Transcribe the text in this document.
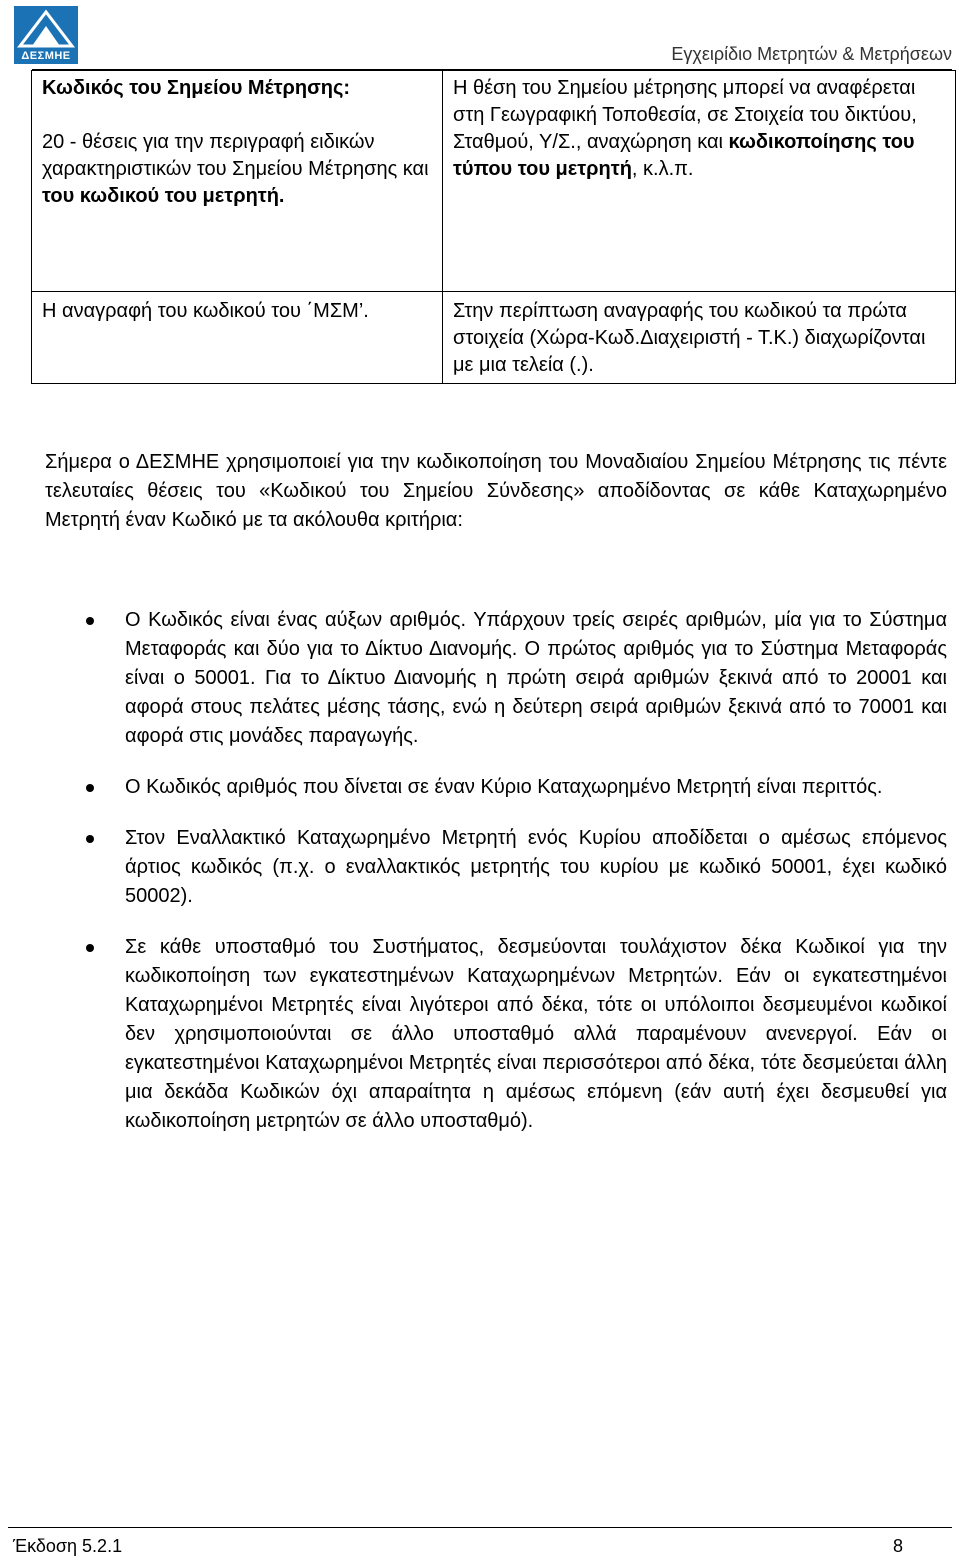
ΔΕΣΜΗΕ	Εγχειρίδιο Μετρητών & Μετρήσεων
Κωδικός του Σημείου Μέτρησης:
20 - θέσεις για την περιγραφή ειδικών χαρακτηριστικών του Σημείου Μέτρησης και του κωδικού του μετρητή.	Η θέση του Σημείου μέτρησης μπορεί να αναφέρεται στη Γεωγραφική Τοποθεσία, σε Στοιχεία του δικτύου, Σταθμού, Υ/Σ., αναχώρηση και κωδικοποίησης του τύπου του μετρητή, κ.λ.π.
Η αναγραφή του κωδικού του ΄ΜΣΜ’.	Στην περίπτωση αναγραφής του κωδικού τα πρώτα στοιχεία (Χώρα-Κωδ.Διαχειριστή - Τ.Κ.) διαχωρίζονται με μια τελεία (.).
Σήμερα ο ΔΕΣΜΗΕ χρησιμοποιεί για την κωδικοποίηση του Μοναδιαίου Σημείου Μέτρησης τις πέντε τελευταίες θέσεις του «Κωδικού του Σημείου Σύνδεσης» αποδίδοντας σε κάθε Καταχωρημένο Μετρητή έναν Κωδικό με τα ακόλουθα κριτήρια:
Ο Κωδικός είναι ένας αύξων αριθμός. Υπάρχουν τρείς σειρές αριθμών, μία για το Σύστημα Μεταφοράς και δύο για το Δίκτυο Διανομής. Ο πρώτος αριθμός για το Σύστημα Μεταφοράς είναι ο 50001. Για το Δίκτυο Διανομής η πρώτη σειρά αριθμών ξεκινά από το 20001 και αφορά στους πελάτες μέσης τάσης, ενώ η δεύτερη σειρά αριθμών ξεκινά από το 70001 και αφορά στις μονάδες παραγωγής.
Ο Κωδικός αριθμός που δίνεται σε έναν Κύριο Καταχωρημένο Μετρητή είναι περιττός.
Στον Εναλλακτικό Καταχωρημένο Μετρητή ενός Κυρίου αποδίδεται ο αμέσως επόμενος άρτιος κωδικός (π.χ. ο εναλλακτικός μετρητής του κυρίου με κωδικό 50001, έχει κωδικό 50002).
Σε κάθε υποσταθμό του Συστήματος, δεσμεύονται τουλάχιστον δέκα Κωδικοί για την κωδικοποίηση των εγκατεστημένων Καταχωρημένων Μετρητών. Εάν οι εγκατεστημένοι Καταχωρημένοι Μετρητές είναι λιγότεροι από δέκα, τότε οι υπόλοιποι δεσμευμένοι κωδικοί δεν χρησιμοποιούνται σε άλλο υποσταθμό αλλά παραμένουν ανενεργοί. Εάν οι εγκατεστημένοι Καταχωρημένοι Μετρητές είναι περισσότεροι από δέκα, τότε δεσμεύεται άλλη μια δεκάδα Κωδικών όχι απαραίτητα η αμέσως επόμενη (εάν αυτή έχει δεσμευθεί για κωδικοποίηση μετρητών σε άλλο υποσταθμό).
Έκδοση 5.2.1	8
